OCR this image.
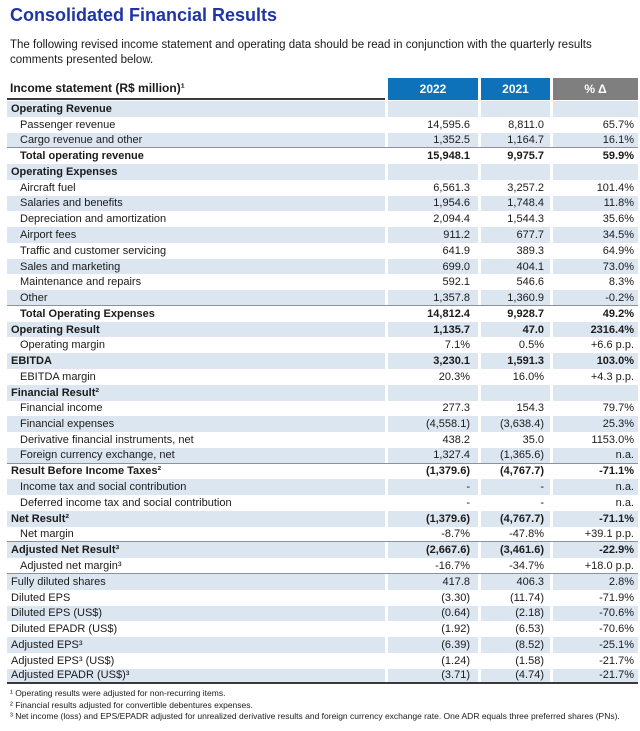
Consolidated Financial Results

The following revised income statement and operating data should be read in conjunction with the quarterly results comments presented below.

Income statement (R$ million)¹	2022	2021	% Δ
Operating Revenue
Passenger revenue	14,595.6	8,811.0	65.7%
Cargo revenue and other	1,352.5	1,164.7	16.1%
Total operating revenue	15,948.1	9,975.7	59.9%
Operating Expenses
Aircraft fuel	6,561.3	3,257.2	101.4%
Salaries and benefits	1,954.6	1,748.4	11.8%
Depreciation and amortization	2,094.4	1,544.3	35.6%
Airport fees	911.2	677.7	34.5%
Traffic and customer servicing	641.9	389.3	64.9%
Sales and marketing	699.0	404.1	73.0%
Maintenance and repairs	592.1	546.6	8.3%
Other	1,357.8	1,360.9	-0.2%
Total Operating Expenses	14,812.4	9,928.7	49.2%
Operating Result	1,135.7	47.0	2316.4%
Operating margin	7.1%	0.5%	+6.6 p.p.
EBITDA	3,230.1	1,591.3	103.0%
EBITDA margin	20.3%	16.0%	+4.3 p.p.
Financial Result²
Financial income	277.3	154.3	79.7%
Financial expenses	(4,558.1)	(3,638.4)	25.3%
Derivative financial instruments, net	438.2	35.0	1153.0%
Foreign currency exchange, net	1,327.4	(1,365.6)	n.a.
Result Before Income Taxes²	(1,379.6)	(4,767.7)	-71.1%
Income tax and social contribution	-	-	n.a.
Deferred income tax and social contribution	-	-	n.a.
Net Result²	(1,379.6)	(4,767.7)	-71.1%
Net margin	-8.7%	-47.8%	+39.1 p.p.
Adjusted Net Result³	(2,667.6)	(3,461.6)	-22.9%
Adjusted net margin³	-16.7%	-34.7%	+18.0 p.p.
Fully diluted shares	417.8	406.3	2.8%
Diluted EPS	(3.30)	(11.74)	-71.9%
Diluted EPS (US$)	(0.64)	(2.18)	-70.6%
Diluted EPADR (US$)	(1.92)	(6.53)	-70.6%
Adjusted EPS³	(6.39)	(8.52)	-25.1%
Adjusted EPS³ (US$)	(1.24)	(1.58)	-21.7%
Adjusted EPADR (US$)³	(3.71)	(4.74)	-21.7%
¹ Operating results were adjusted for non-recurring items.
² Financial results adjusted for convertible debentures expenses.
³ Net income (loss) and EPS/EPADR adjusted for unrealized derivative results and foreign currency exchange rate. One ADR equals three preferred shares (PNs).
